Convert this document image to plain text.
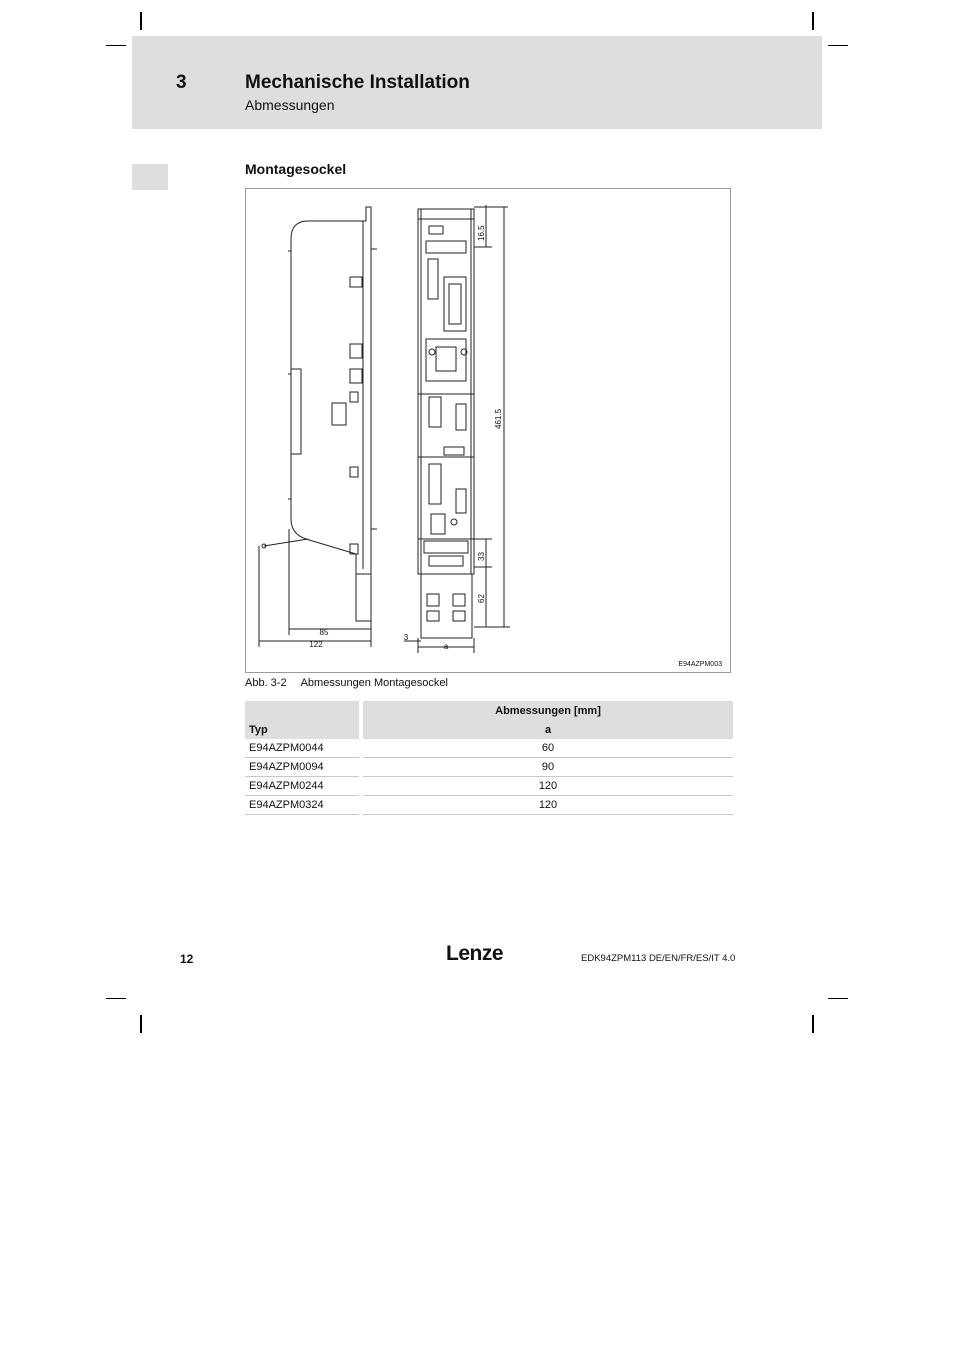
3	Mechanische Installation
Abmessungen
Montagesockel
85
122
3
a
16.5
461.5
33
62
E94AZPM003
Abb. 3-2 Abmessungen Montagesockel
		Abmessungen [mm]
Typ		a
E94AZPM0044		60
E94AZPM0094		90
E94AZPM0244		120
E94AZPM0324		120
12	Lenze	EDK94ZPM113 DE/EN/FR/ES/IT 4.0
